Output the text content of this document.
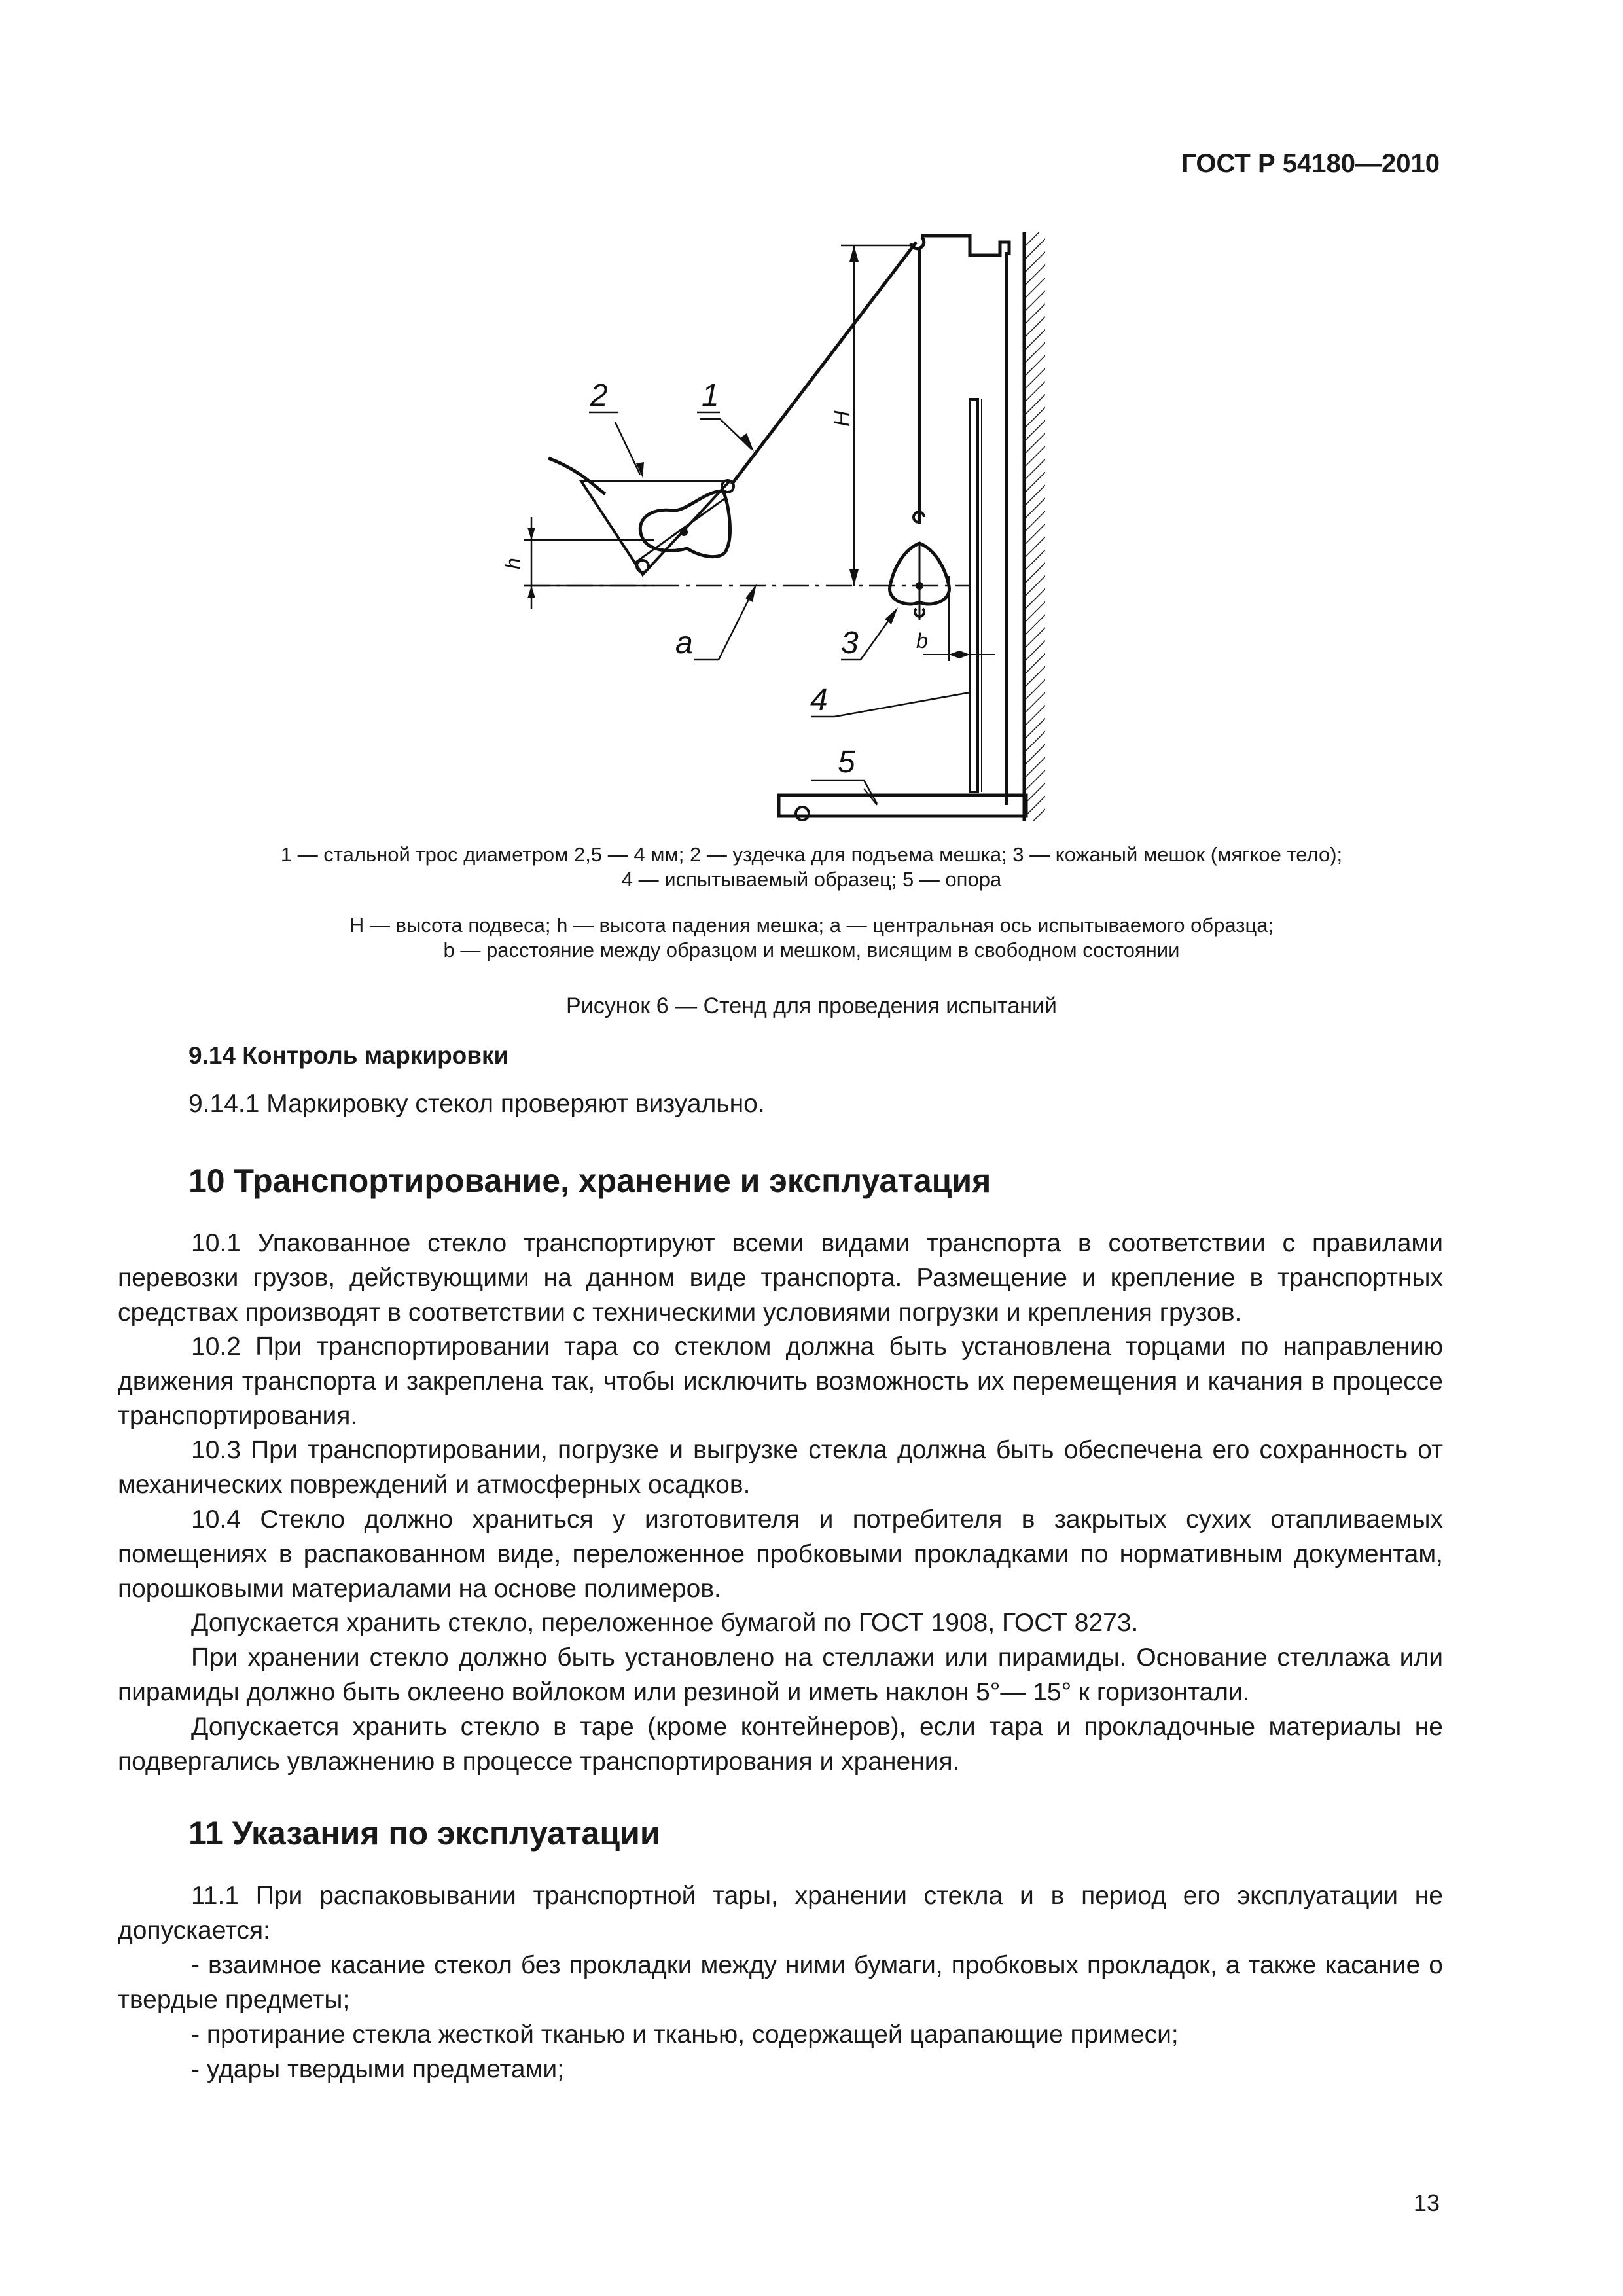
ГОСТ Р 54180—2010
2	1
H
h
a	3	b
4
5
1 — стальной трос диаметром 2,5 — 4 мм; 2 — уздечка для подъема мешка; 3 — кожаный мешок (мягкое тело);
4 — испытываемый образец; 5 — опора
H — высота подвеса; h — высота падения мешка; a — центральная ось испытываемого образца;
b — расстояние между образцом и мешком, висящим в свободном состоянии
Рисунок 6 — Стенд для проведения испытаний
9.14 Контроль маркировки
9.14.1 Маркировку стекол проверяют визуально.
10 Транспортирование, хранение и эксплуатация

10.1 Упакованное стекло транспортируют всеми видами транспорта в соответствии с правилами перевозки грузов, действующими на данном виде транспорта. Размещение и крепление в транспортных средствах производят в соответствии с техническими условиями погрузки и крепления грузов.

10.2 При транспортировании тара со стеклом должна быть установлена торцами по направлению движения транспорта и закреплена так, чтобы исключить возможность их перемещения и качания в процессе транспортирования.

10.3 При транспортировании, погрузке и выгрузке стекла должна быть обеспечена его сохранность от механических повреждений и атмосферных осадков.

10.4 Стекло должно храниться у изготовителя и потребителя в закрытых сухих отапливаемых помещениях в распакованном виде, переложенное пробковыми прокладками по нормативным документам, порошковыми материалами на основе полимеров.

Допускается хранить стекло, переложенное бумагой по ГОСТ 1908, ГОСТ 8273.

При хранении стекло должно быть установлено на стеллажи или пирамиды. Основание стеллажа или пирамиды должно быть оклеено войлоком или резиной и иметь наклон 5°— 15° к горизонтали.

Допускается хранить стекло в таре (кроме контейнеров), если тара и прокладочные материалы не подвергались увлажнению в процессе транспортирования и хранения.

11 Указания по эксплуатации

11.1 При распаковывании транспортной тары, хранении стекла и в период его эксплуатации не допускается:

- взаимное касание стекол без прокладки между ними бумаги, пробковых прокладок, а также касание о твердые предметы;

- протирание стекла жесткой тканью и тканью, содержащей царапающие примеси;

- удары твердыми предметами;

13
